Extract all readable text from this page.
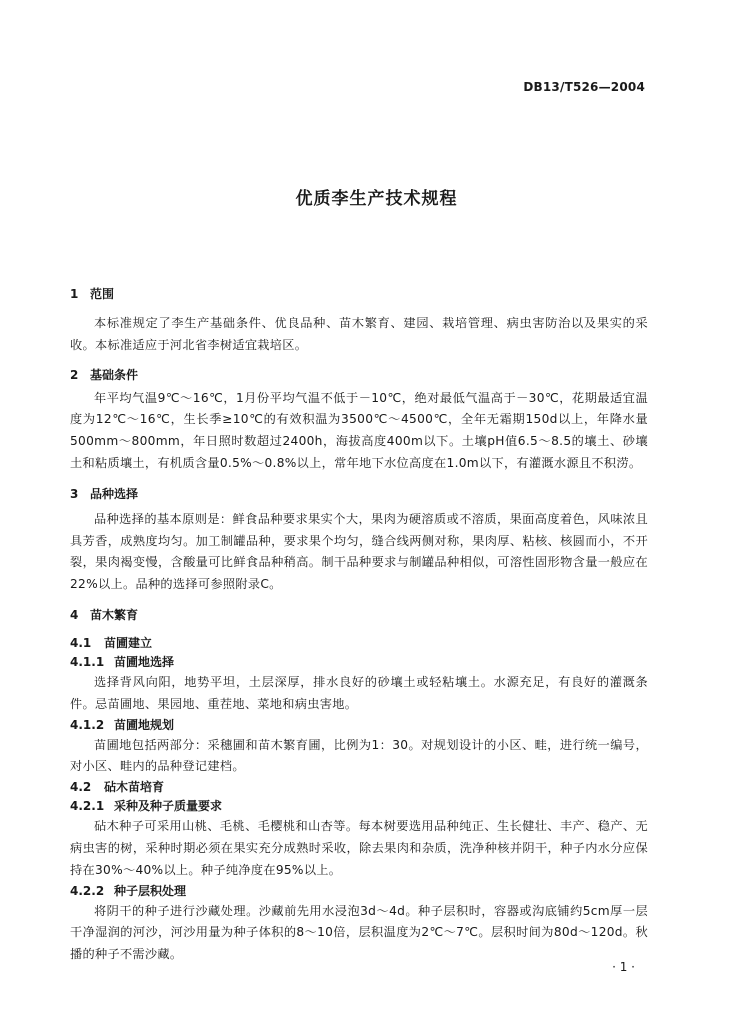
DB13/T526—2004
优质李生产技术规程

1 范围

本标准规定了李生产基础条件、优良品种、苗木繁育、建园、栽培管理、病虫害防治以及果实的采收。本标准适应于河北省李树适宜栽培区。

2 基础条件

年平均气温9℃～16℃，1月份平均气温不低于－10℃，绝对最低气温高于－30℃，花期最适宜温度为12℃～16℃，生长季≥10℃的有效积温为3500℃～4500℃，全年无霜期150d以上，年降水量500mm～800mm，年日照时数超过2400h，海拔高度400m以下。土壤pH值6.5～8.5的壤土、砂壤土和粘质壤土，有机质含量0.5%～0.8%以上，常年地下水位高度在1.0m以下，有灌溉水源且不积涝。

3 品种选择

品种选择的基本原则是：鲜食品种要求果实个大，果肉为硬溶质或不溶质，果面高度着色，风味浓且具芳香，成熟度均匀。加工制罐品种，要求果个均匀，缝合线两侧对称，果肉厚、粘核、核圆而小，不开裂，果肉褐变慢，含酸量可比鲜食品种稍高。制干品种要求与制罐品种相似，可溶性固形物含量一般应在22%以上。品种的选择可参照附录C。

4 苗木繁育

4.1 苗圃建立

4.1.1 苗圃地选择

选择背风向阳，地势平坦，土层深厚，排水良好的砂壤土或轻粘壤土。水源充足，有良好的灌溉条件。忌苗圃地、果园地、重茬地、菜地和病虫害地。

4.1.2 苗圃地规划

苗圃地包括两部分：采穗圃和苗木繁育圃，比例为1：30。对规划设计的小区、畦，进行统一编号，对小区、畦内的品种登记建档。

4.2 砧木苗培育

4.2.1 采种及种子质量要求

砧木种子可采用山桃、毛桃、毛樱桃和山杏等。每本树要选用品种纯正、生长健壮、丰产、稳产、无病虫害的树，采种时期必须在果实充分成熟时采收，除去果肉和杂质，洗净种核并阴干，种子内水分应保持在30%～40%以上。种子纯净度在95%以上。

4.2.2 种子层积处理

将阴干的种子进行沙藏处理。沙藏前先用水浸泡3d～4d。种子层积时，容器或沟底铺约5cm厚一层干净湿润的河沙，河沙用量为种子体积的8～10倍，层积温度为2℃～7℃。层积时间为80d～120d。秋播的种子不需沙藏。

· 1 ·
